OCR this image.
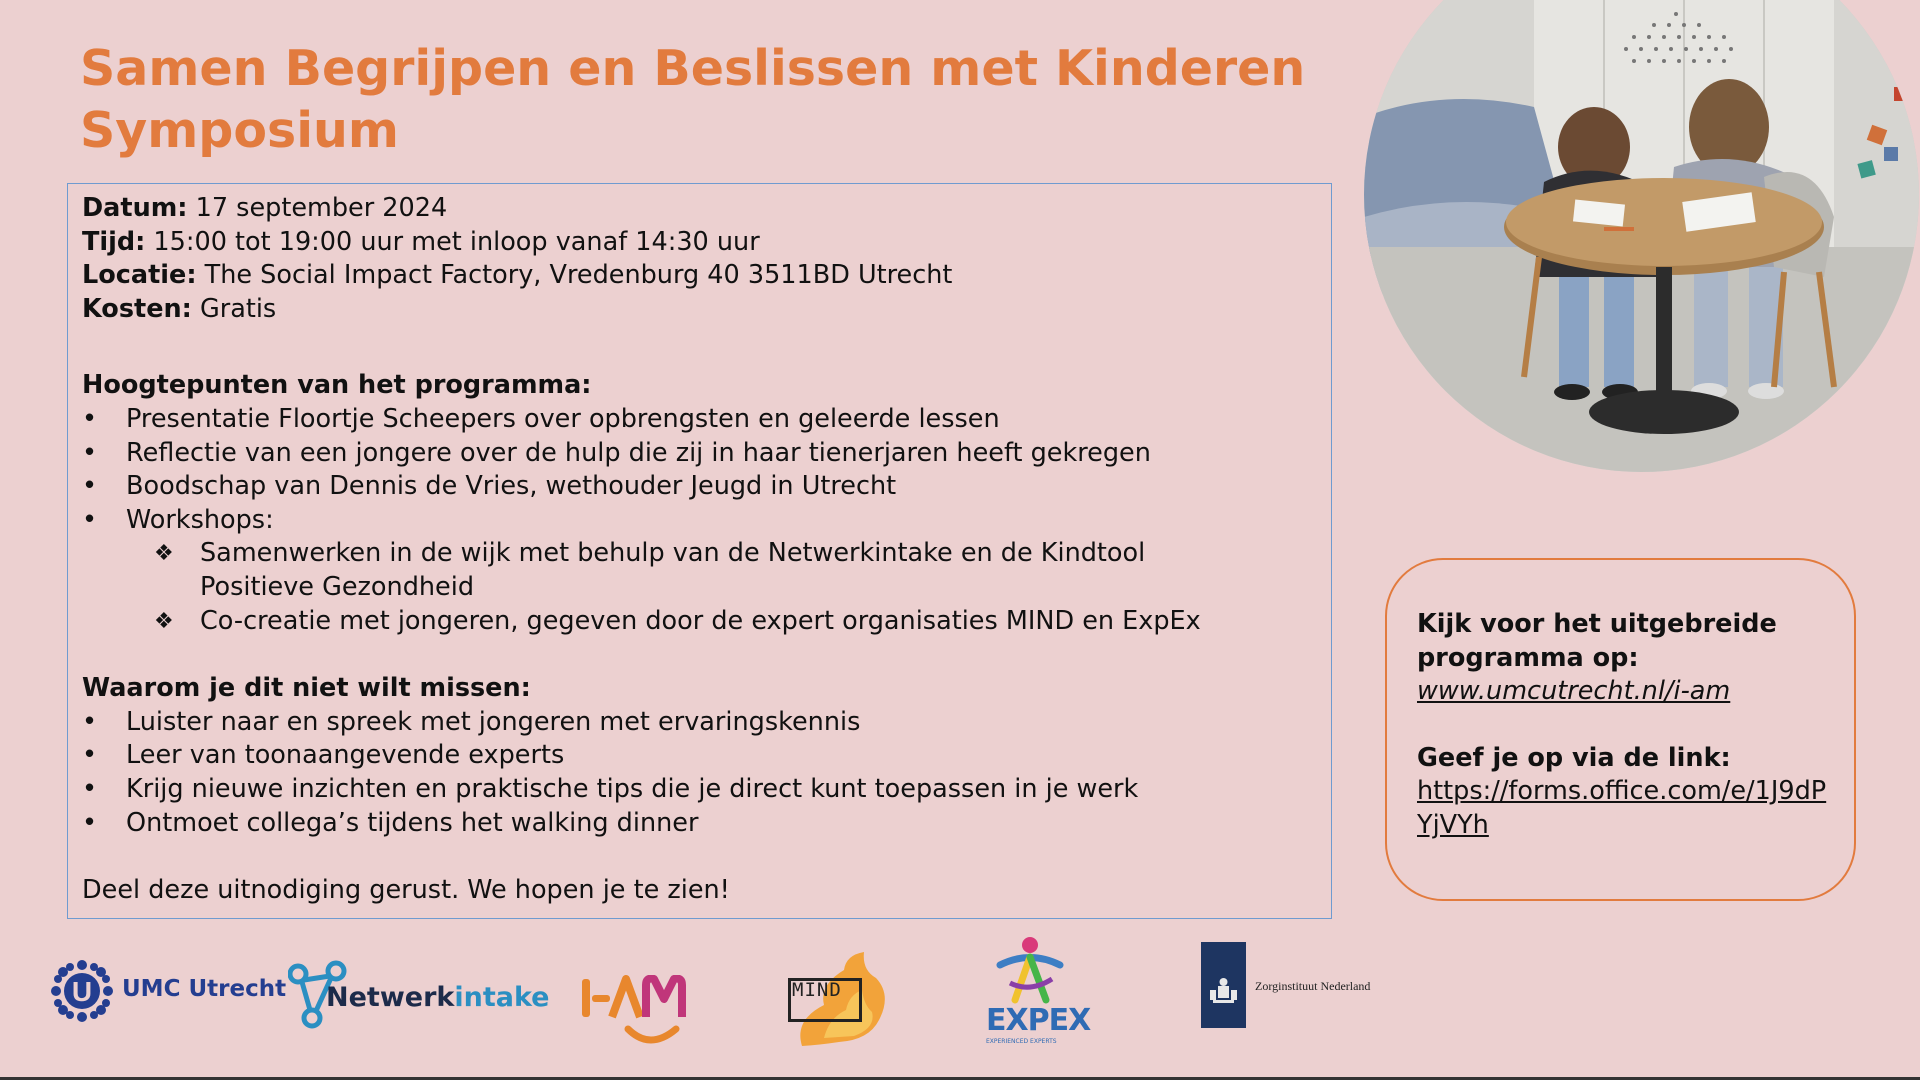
Samen Begrijpen en Beslissen met Kinderen
Symposium
Datum: 17 september 2024
Tijd: 15:00 tot 19:00 uur met inloop vanaf 14:30 uur
Locatie: The Social Impact Factory, Vredenburg 40 3511BD Utrecht
Kosten: Gratis
Hoogtepunten van het programma:
• Presentatie Floortje Scheepers over opbrengsten en geleerde lessen
• Reflectie van een jongere over de hulp die zij in haar tienerjaren heeft gekregen
• Boodschap van Dennis de Vries, wethouder Jeugd in Utrecht
• Workshops:
❖ Samenwerken in de wijk met behulp van de Netwerkintake en de Kindtool Positieve Gezondheid
❖ Co-creatie met jongeren, gegeven door de expert organisaties MIND en ExpEx
Waarom je dit niet wilt missen:
• Luister naar en spreek met jongeren met ervaringskennis
• Leer van toonaangevende experts
• Krijg nieuwe inzichten en praktische tips die je direct kunt toepassen in je werk
• Ontmoet collega’s tijdens het walking dinner
Deel deze uitnodiging gerust. We hopen je te zien!
Kijk voor het uitgebreide programma op:
www.umcutrecht.nl/i-am
Geef je op via de link:
https://forms.office.com/e/1J9dPYjVYh
U UMC Utrecht Netwerkintake	MIND
EXPEX
EXPERIENCED EXPERTS
Zorginstituut Nederland
